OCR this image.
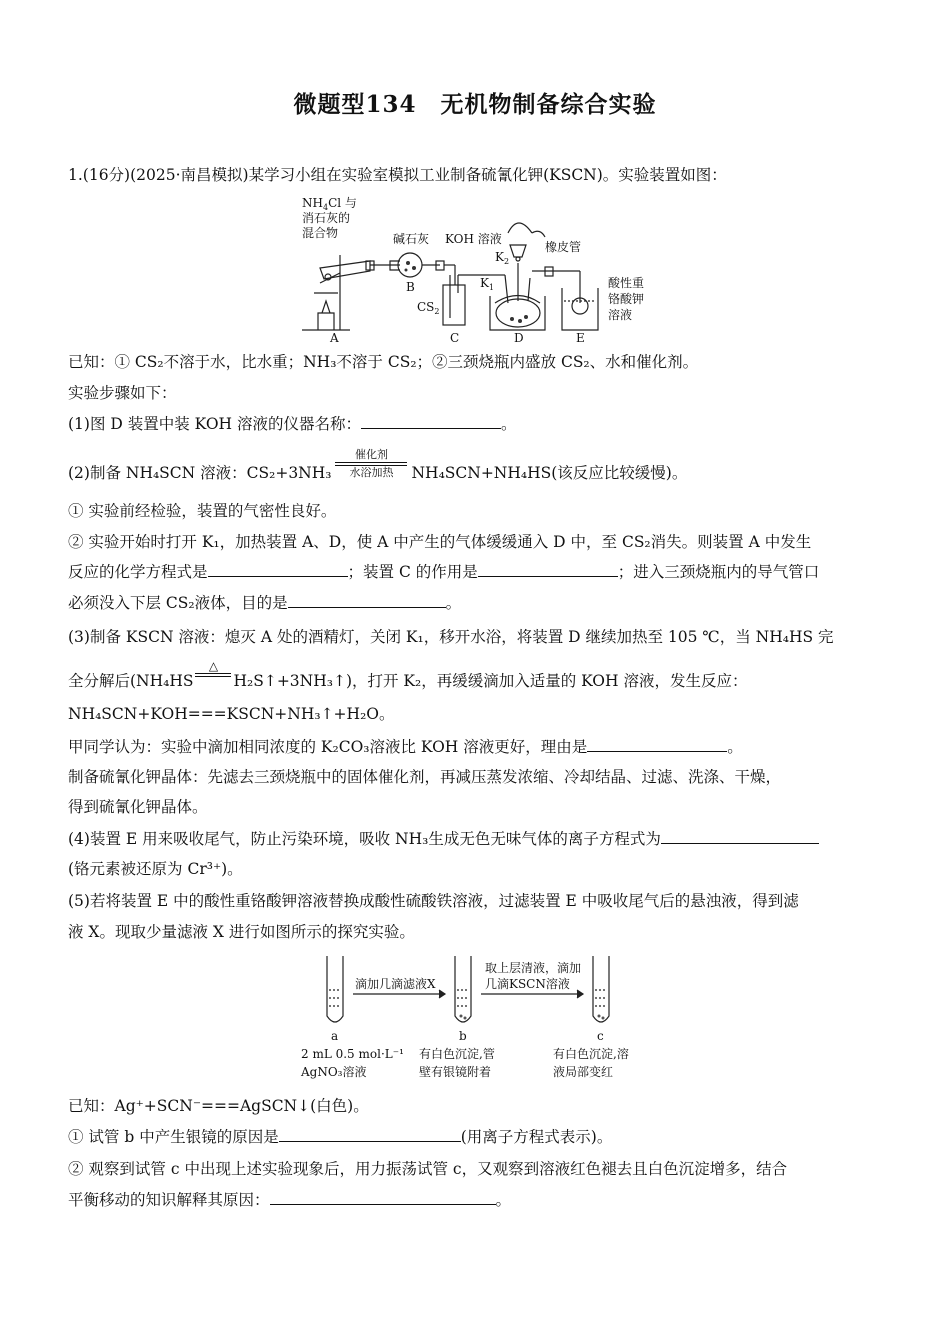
微题型134　无机物制备综合实验
1.(16分)(2025·南昌模拟)某学习小组在实验室模拟工业制备硫氰化钾(KSCN)。实验装置如图：
$NH_4Cl$ 与
消石灰的
混合物	碱石灰 KOH 溶液
橡皮管
$K_2$
$K_1$
$CS_2$
酸性重
铬酸钾
溶液
A
B
C	D	E
已知：① CS₂不溶于水，比水重；NH₃不溶于 CS₂；②三颈烧瓶内盛放 CS₂、水和催化剂。
实验步骤如下：
(1)图 D 装置中装 KOH 溶液的仪器名称：	。
(2)制备 NH₄SCN 溶液：CS₂+3NH₃
催化剂
水浴加热	NH₄SCN+NH₄HS(该反应比较缓慢)。
① 实验前经检验，装置的气密性良好。
② 实验开始时打开 K₁，加热装置 A、D，使 A 中产生的气体缓缓通入 D 中，至 CS₂消失。则装置 A 中发生
反应的化学方程式是	；装置 C 的作用是	；进入三颈烧瓶内的导气管口
必须没入下层 CS₂液体，目的是	。
(3)制备 KSCN 溶液：熄灭 A 处的酒精灯，关闭 K₁，移开水浴，将装置 D 继续加热至 105 ℃，当 NH₄HS 完
全分解后(NH₄HS
△
H₂S↑+3NH₃↑)，打开 K₂，再缓缓滴加入适量的 KOH 溶液，发生反应：
NH₄SCN+KOH===KSCN+NH₃↑+H₂O。
甲同学认为：实验中滴加相同浓度的 K₂CO₃溶液比 KOH 溶液更好，理由是	。
制备硫氰化钾晶体：先滤去三颈烧瓶中的固体催化剂，再减压蒸发浓缩、冷却结晶、过滤、洗涤、干燥，
得到硫氰化钾晶体。
(4)装置 E 用来吸收尾气，防止污染环境，吸收 NH₃生成无色无味气体的离子方程式为
(铬元素被还原为 Cr³⁺)。
(5)若将装置 E 中的酸性重铬酸钾溶液替换成酸性硫酸铁溶液，过滤装置 E 中吸收尾气后的悬浊液，得到滤
液 X。现取少量滤液 X 进行如图所示的探究实验。
滴加几滴滤液X
取上层清液，滴加
几滴KSCN溶液
a	b	c
2 mL 0.5 mol·L⁻¹
AgNO₃溶液
有白色沉淀,管
壁有银镜附着
有白色沉淀,溶
液局部变红
已知：Ag⁺+SCN⁻===AgSCN↓(白色)。
① 试管 b 中产生银镜的原因是	(用离子方程式表示)。
② 观察到试管 c 中出现上述实验现象后，用力振荡试管 c，又观察到溶液红色褪去且白色沉淀增多，结合
平衡移动的知识解释其原因：	。
